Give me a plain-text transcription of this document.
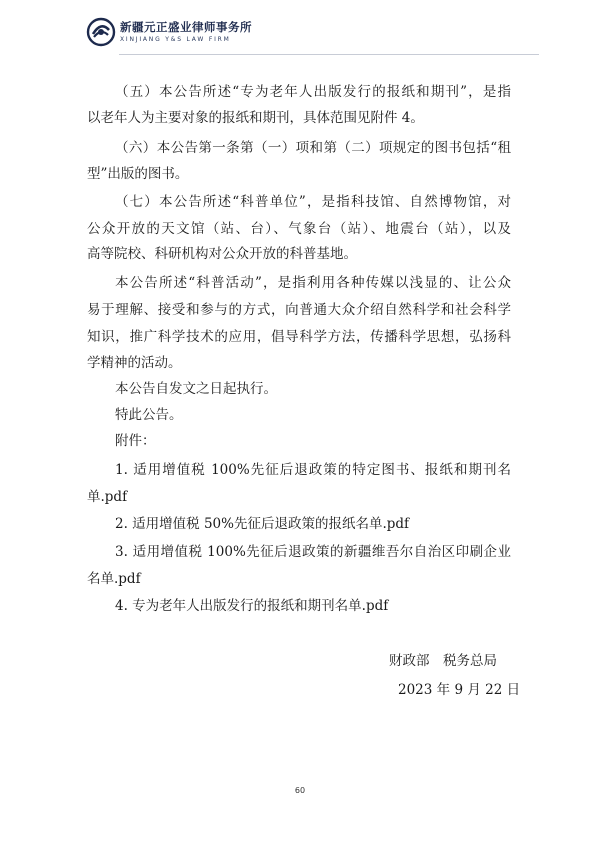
新疆元正盛业律师事务所
XINJIANG Y&S LAW FIRM
（五）本公告所述“专为老年人出版发行的报纸和期刊”，是指
以老年人为主要对象的报纸和期刊，具体范围见附件 4。
（六）本公告第一条第（一）项和第（二）项规定的图书包括“租
型”出版的图书。
（七）本公告所述“科普单位”，是指科技馆、自然博物馆，对
公众开放的天文馆（站、台）、气象台（站）、地震台（站），以及
高等院校、科研机构对公众开放的科普基地。
本公告所述“科普活动”，是指利用各种传媒以浅显的、让公众
易于理解、接受和参与的方式，向普通大众介绍自然科学和社会科学
知识，推广科学技术的应用，倡导科学方法，传播科学思想，弘扬科
学精神的活动。
本公告自发文之日起执行。
特此公告。
附件：
1. 适用增值税 100%先征后退政策的特定图书、报纸和期刊名
单.pdf
2. 适用增值税 50%先征后退政策的报纸名单.pdf
3. 适用增值税 100%先征后退政策的新疆维吾尔自治区印刷企业
名单.pdf
4. 专为老年人出版发行的报纸和期刊名单.pdf
财政部　税务总局
2023 年 9 月 22 日
60
